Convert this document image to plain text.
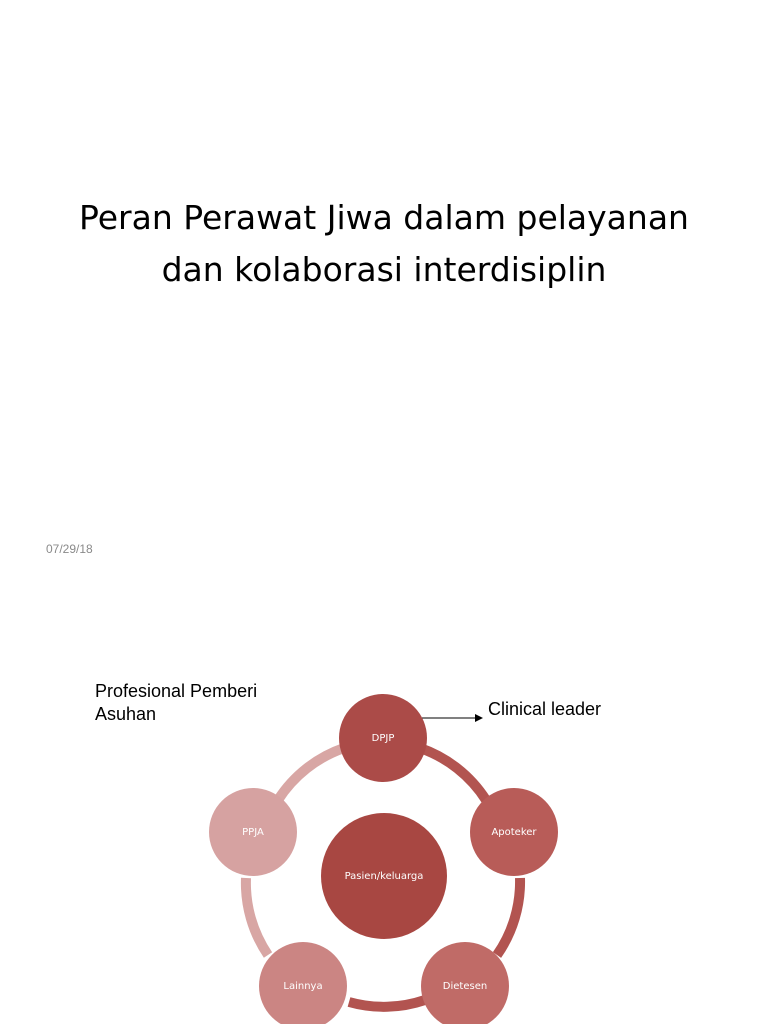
Peran Perawat Jiwa dalam pelayanan
dan kolaborasi interdisiplin
07/29/18
Profesional Pemberi
Asuhan
Pasien/keluarga
DPJP
Apoteker
Dietesen
Lainnya
PPJA
Clinical leader
